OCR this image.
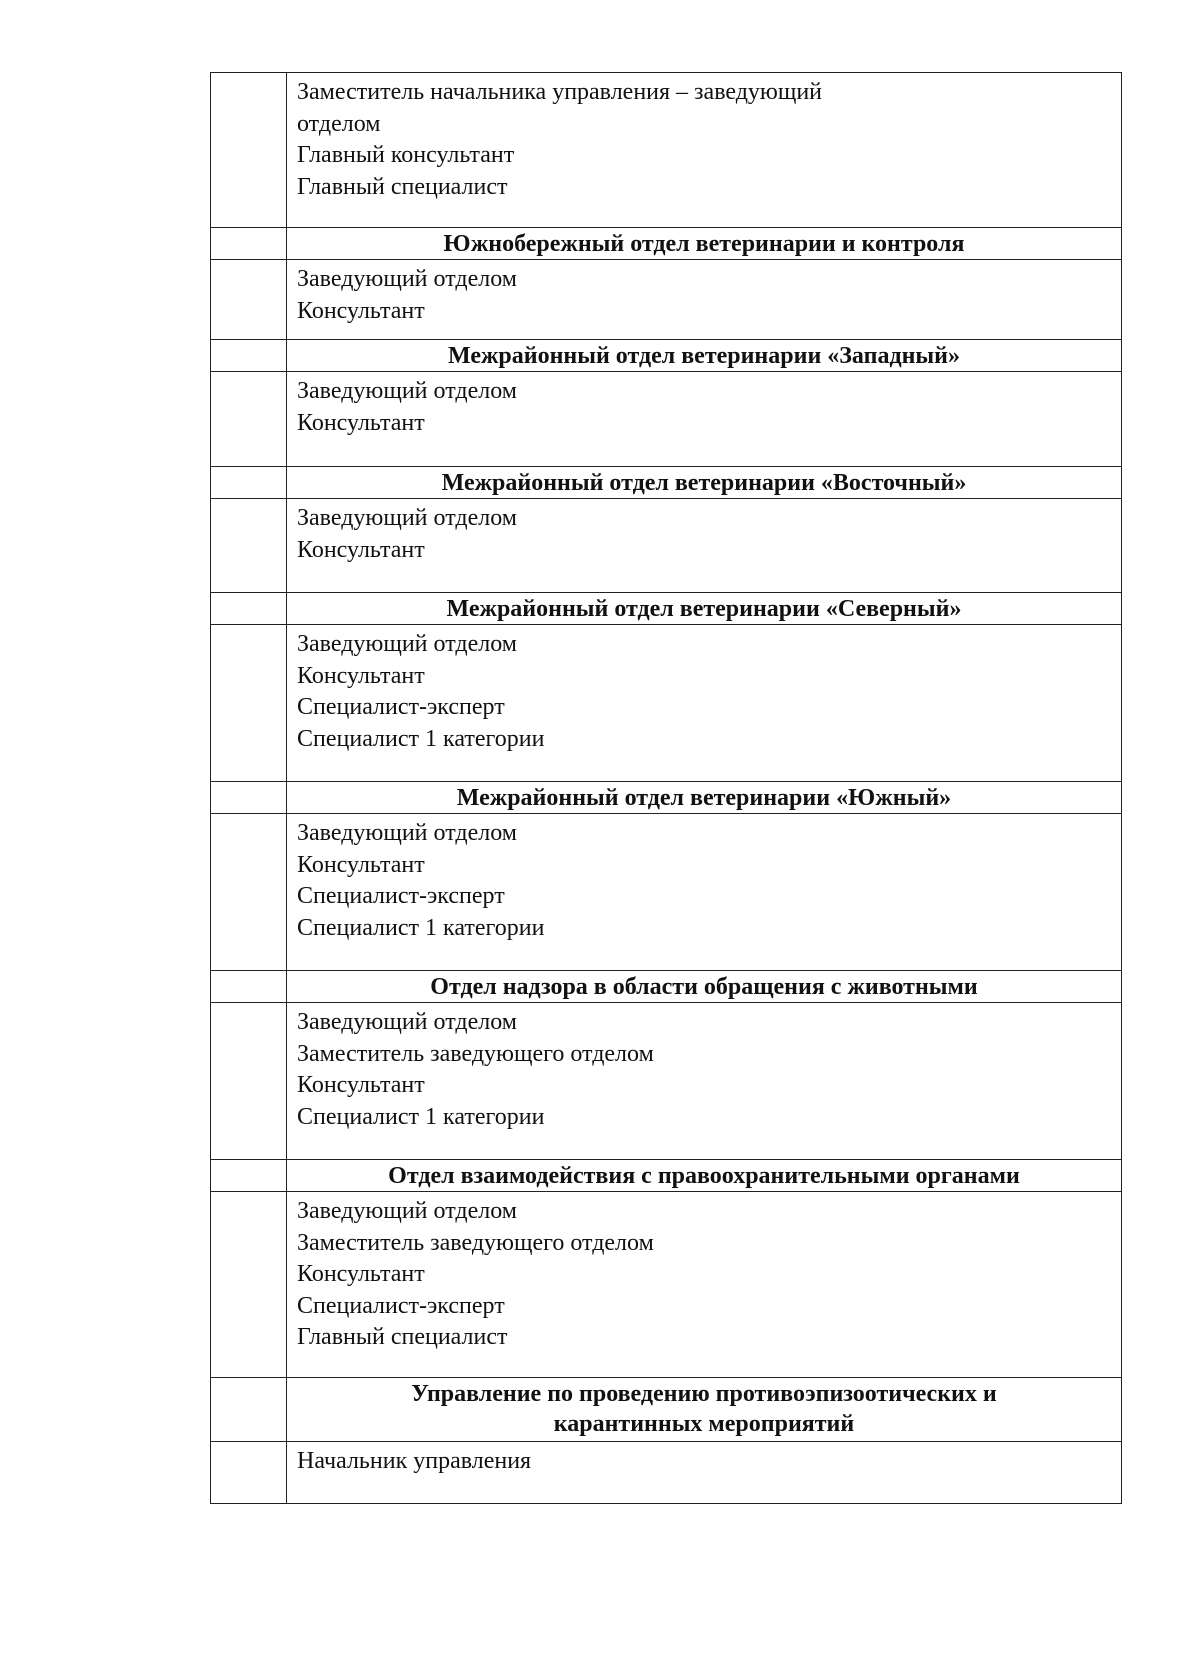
	Заместитель начальника управления – заведующий
отделом
Главный консультант
Главный специалист

	Южнобережный отдел ветеринарии и контроля

	Заведующий отделом
Консультант

	Межрайонный отдел ветеринарии «Западный»

	Заведующий отделом
Консультант

	Межрайонный отдел ветеринарии «Восточный»

	Заведующий отделом
Консультант

	Межрайонный отдел ветеринарии «Северный»

	Заведующий отделом
Консультант
Специалист-эксперт
Специалист 1 категории

	Межрайонный отдел ветеринарии «Южный»

	Заведующий отделом
Консультант
Специалист-эксперт
Специалист 1 категории

	Отдел надзора в области обращения с животными

	Заведующий отделом
Заместитель заведующего отделом
Консультант
Специалист 1 категории

	Отдел взаимодействия с правоохранительными органами

	Заведующий отделом
Заместитель заведующего отделом
Консультант
Специалист-эксперт
Главный специалист

	Управление по проведению противоэпизоотических и
карантинных мероприятий

	Начальник управления
